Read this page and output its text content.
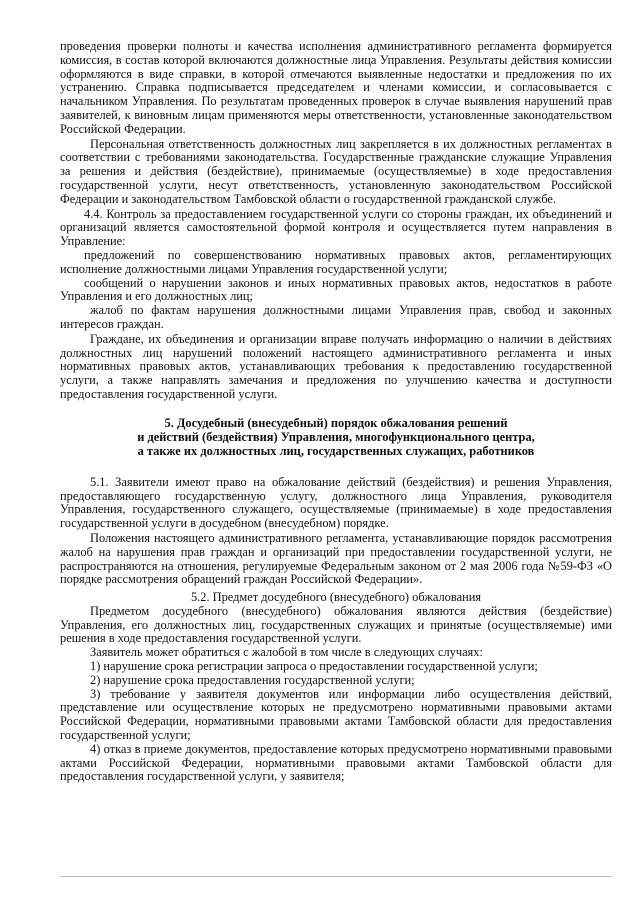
проведения проверки полноты и качества исполнения административного регламента формируется комиссия, в состав которой включаются должностные лица Управления. Результаты действия комиссии оформляются в виде справки, в которой отмечаются выявленные недостатки и предложения по их устранению. Справка подписывается председателем и членами комиссии, и согласовывается с начальником Управления. По результатам проведенных проверок в случае выявления нарушений прав заявителей, к виновным лицам применяются меры ответственности, установленные законодательством Российской Федерации.

Персональная ответственность должностных лиц закрепляется в их должностных регламентах в соответствии с требованиями законодательства. Государственные гражданские служащие Управления за решения и действия (бездействие), принимаемые (осуществляемые) в ходе предоставления государственной услуги, несут ответственность, установленную законодательством Российской Федерации и законодательством Тамбовской области о государственной гражданской службе.

4.4. Контроль за предоставлением государственной услуги со стороны граждан, их объединений и организаций является самостоятельной формой контроля и осуществляется путем направления в Управление:

предложений по совершенствованию нормативных правовых актов, регламентирующих исполнение должностными лицами Управления государственной услуги;

сообщений о нарушении законов и иных нормативных правовых актов, недостатков в работе Управления и его должностных лиц;

жалоб по фактам нарушения должностными лицами Управления прав, свобод и законных интересов граждан.

Граждане, их объединения и организации вправе получать информацию о наличии в действиях должностных лиц нарушений положений настоящего административного регламента и иных нормативных правовых актов, устанавливающих требования к предоставлению государственной услуги, а также направлять замечания и предложения по улучшению качества и доступности предоставления государственной услуги.

5. Досудебный (внесудебный) порядок обжалования решений

и действий (бездействия) Управления, многофункционального центра,

а также их должностных лиц, государственных служащих, работников

5.1. Заявители имеют право на обжалование действий (бездействия) и решения Управления, предоставляющего государственную услугу, должностного лица Управления, руководителя Управления, государственного служащего, осуществляемые (принимаемые) в ходе предоставления государственной услуги в досудебном (внесудебном) порядке.

Положения настоящего административного регламента, устанавливающие порядок рассмотрения жалоб на нарушения прав граждан и организаций при предоставлении государственной услуги, не распространяются на отношения, регулируемые Федеральным законом от 2 мая 2006 года №59-ФЗ «О порядке рассмотрения обращений граждан Российской Федерации».

5.2. Предмет досудебного (внесудебного) обжалования

Предметом досудебного (внесудебного) обжалования являются действия (бездействие) Управления, его должностных лиц, государственных служащих и принятые (осуществляемые) ими решения в ходе предоставления государственной услуги.

Заявитель может обратиться с жалобой в том числе в следующих случаях:

1) нарушение срока регистрации запроса о предоставлении государственной услуги;

2) нарушение срока предоставления государственной услуги;

3) требование у заявителя документов или информации либо осуществления действий, представление или осуществление которых не предусмотрено нормативными правовыми актами Российской Федерации, нормативными правовыми актами Тамбовской области для предоставления государственной услуги;

4) отказ в приеме документов, предоставление которых предусмотрено нормативными правовыми актами Российской Федерации, нормативными правовыми актами Тамбовской области для предоставления государственной услуги, у заявителя;
